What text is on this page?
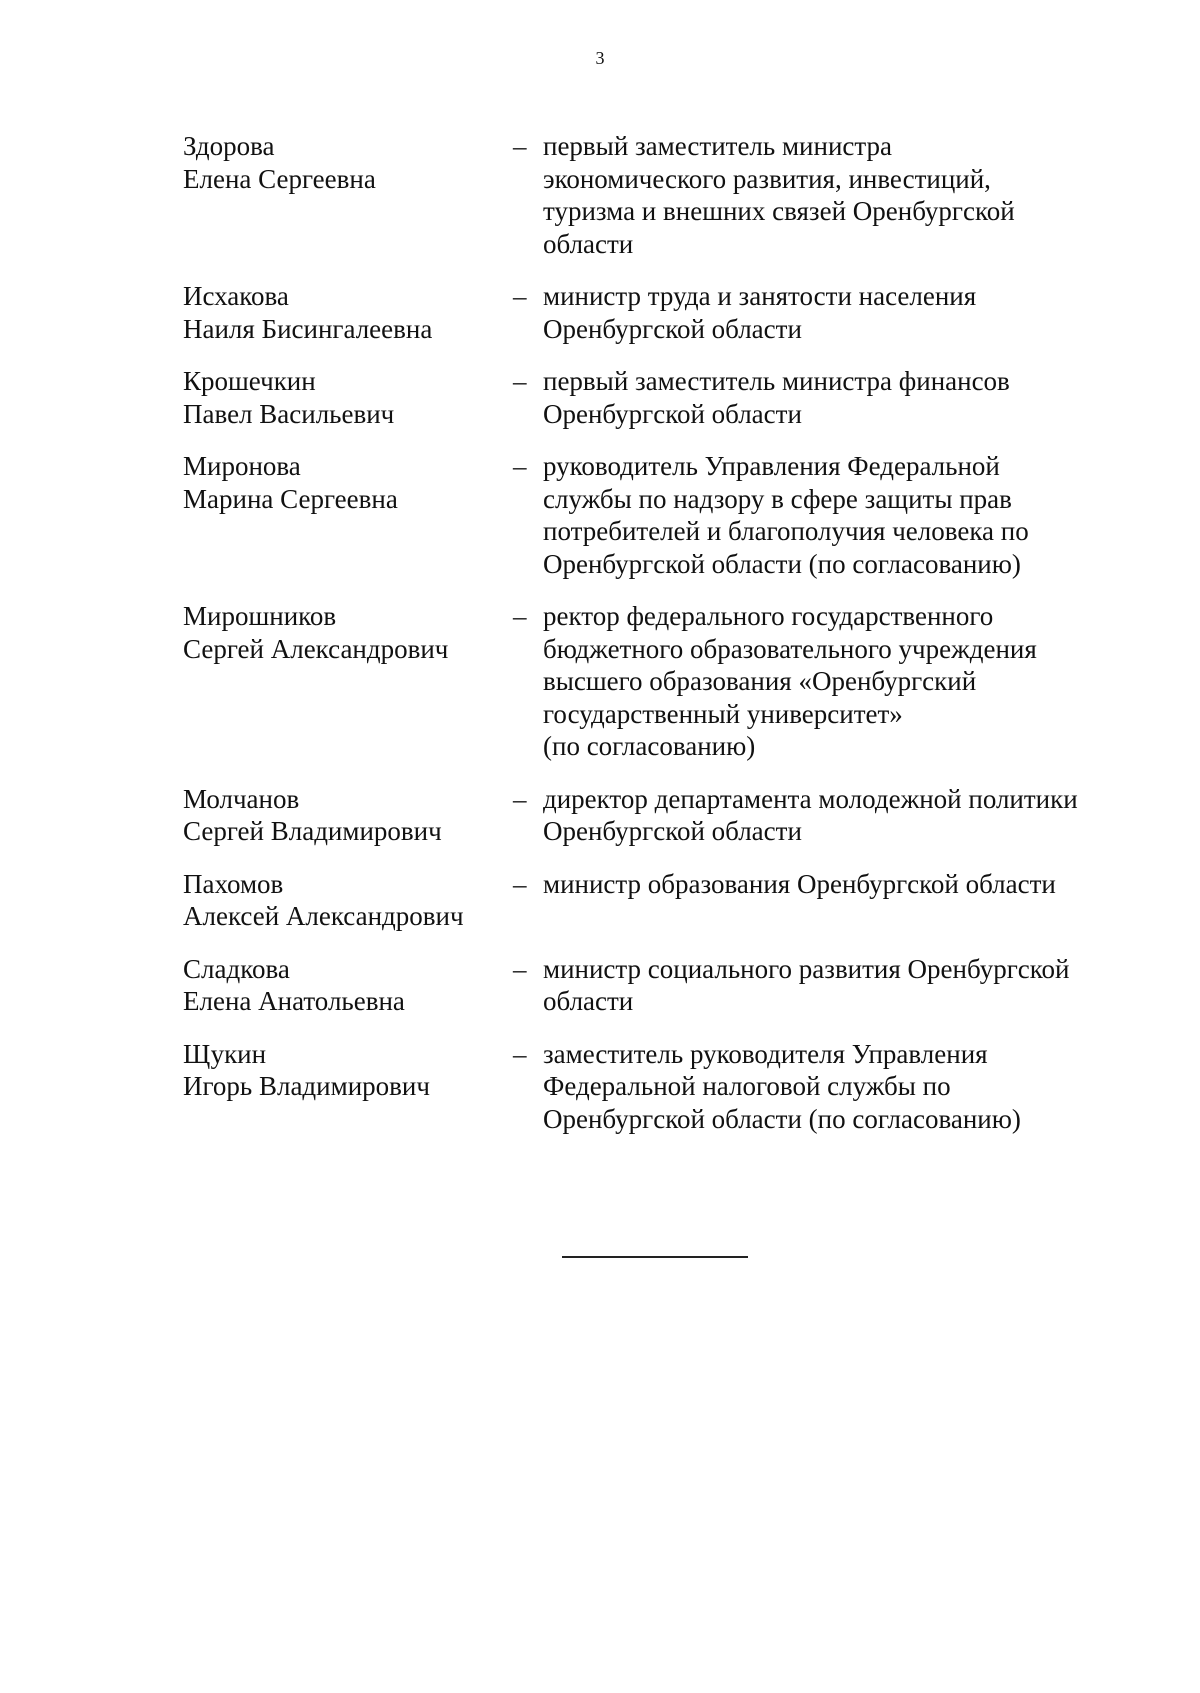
3
Здорова
Елена Сергеевна
– первый заместитель министра
экономического развития, инвестиций,
туризма и внешних связей Оренбургской
области
Исхакова
Наиля Бисингалеевна
– министр труда и занятости населения
Оренбургской области
Крошечкин
Павел Васильевич
– первый заместитель министра финансов
Оренбургской области
Миронова
Марина Сергеевна
– руководитель Управления Федеральной
службы по надзору в сфере защиты прав
потребителей и благополучия человека по
Оренбургской области (по согласованию)
Мирошников
Сергей Александрович
– ректор федерального государственного
бюджетного образовательного учреждения
высшего образования «Оренбургский
государственный университет»
(по согласованию)
Молчанов
Сергей Владимирович
– директор департамента молодежной политики
Оренбургской области
Пахомов
Алексей Александрович
– министр образования Оренбургской области
Сладкова
Елена Анатольевна
– министр социального развития Оренбургской
области
Щукин
Игорь Владимирович
– заместитель руководителя Управления
Федеральной налоговой службы по
Оренбургской области (по согласованию)
